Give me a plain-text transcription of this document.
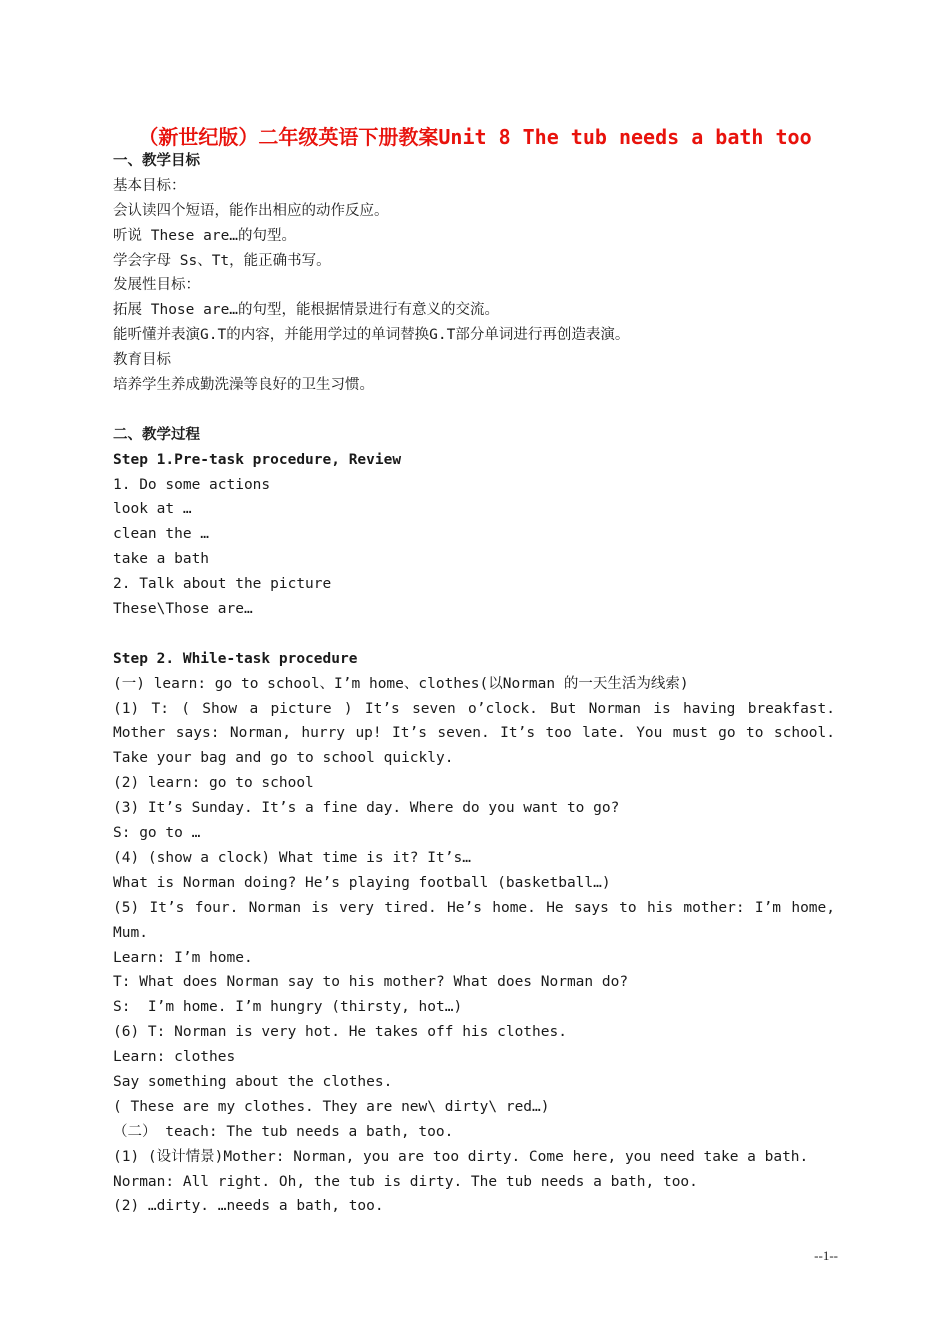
（新世纪版）二年级英语下册教案Unit 8 The tub needs a bath too
一、教学目标
基本目标：
会认读四个短语，能作出相应的动作反应。
听说 These are…的句型。
学会字母 Ss、Tt，能正确书写。
发展性目标：
拓展 Those are…的句型，能根据情景进行有意义的交流。
能听懂并表演G.T的内容，并能用学过的单词替换G.T部分单词进行再创造表演。
教育目标
培养学生养成勤洗澡等良好的卫生习惯。
二、教学过程
Step 1.Pre-task procedure, Review
1. Do some actions
look at …
clean the …
take a bath
2. Talk about the picture
These\Those are…
Step 2. While-task procedure
(一) learn: go to school、I’m home、clothes(以Norman 的一天生活为线索)
(1) T: ( Show a picture ) It’s seven o’clock. But Norman is having breakfast.
Mother says: Norman, hurry up! It’s seven. It’s too late. You must go to school.
Take your bag and go to school quickly.
(2) learn: go to school
(3) It’s Sunday. It’s a fine day. Where do you want to go?
S: go to …
(4) (show a clock) What time is it? It’s…
What is Norman doing? He’s playing football (basketball…)
(5) It’s four. Norman is very tired. He’s home. He says to his mother: I’m home,
Mum.
Learn: I’m home.
T: What does Norman say to his mother? What does Norman do?
S:  I’m home. I’m hungry (thirsty, hot…)
(6) T: Norman is very hot. He takes off his clothes.
Learn: clothes
Say something about the clothes.
( These are my clothes. They are new\ dirty\ red…)
（二） teach: The tub needs a bath, too.
(1) (设计情景)Mother: Norman, you are too dirty. Come here, you need take a bath.
Norman: All right. Oh, the tub is dirty. The tub needs a bath, too.
(2) …dirty. …needs a bath, too.
--1--
